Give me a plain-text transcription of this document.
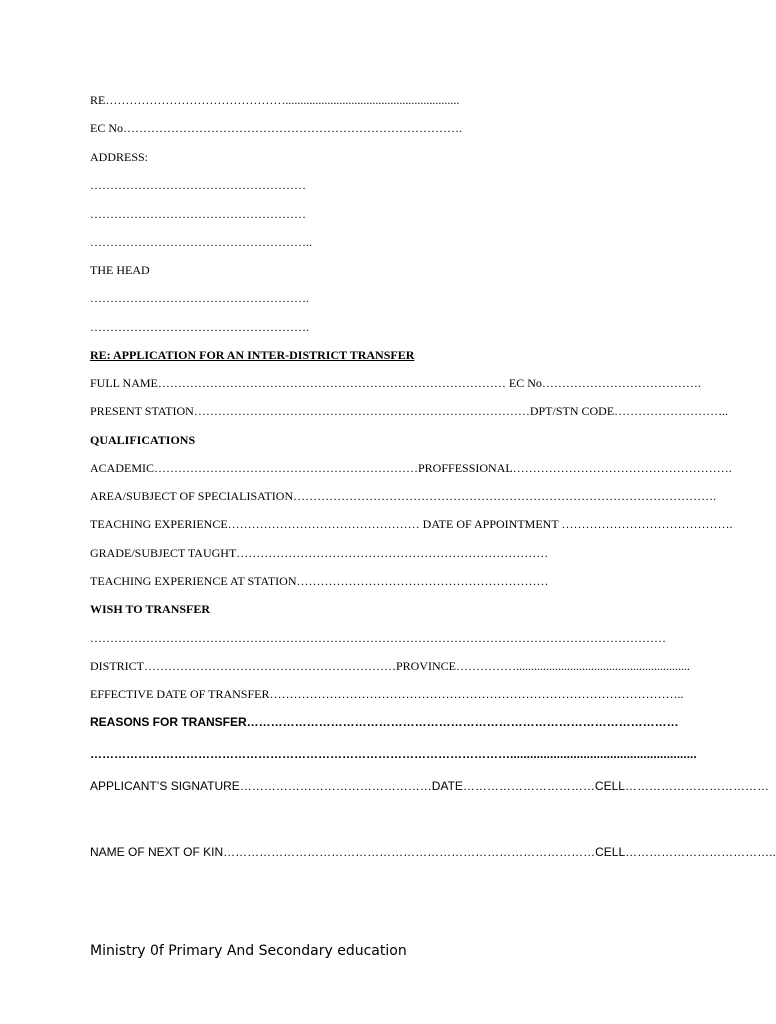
RE………………………………………..........................................................
EC No………………………………………………………………………….
ADDRESS:
………………………………………………
………………………………………………
………………………………………………..
THE HEAD
……………………………………………….
……………………………………………….
RE: APPLICATION FOR AN INTER-DISTRICT TRANSFER
FULL NAME…………………………………………………………………………… EC No………………………………….
PRESENT STATION…………………………………………………………………………DPT/STN CODE………………………..
QUALIFICATIONS
ACADEMIC…………………………………………………………PROFFESSIONAL……………………………………………….
AREA/SUBJECT OF SPECIALISATION…………………………………………………………………………………………….
TEACHING EXPERIENCE………………………………………… DATE OF APPOINTMENT …………………………………….
GRADE/SUBJECT TAUGHT……………………………………………………………………
TEACHING EXPERIENCE AT STATION………………………………………………………
WISH TO TRANSFER
………………………………………………………………………………………………………………………………
DISTRICT………………………………………………………PROVINCE……………..........................................................
EFFECTIVE DATE OF TRANSFER…………………………………………………………………………………………..
REASONS FOR TRANSFER………………………………………………………………………………………………
……………………………………………………………………………………………........................................................
APPLICANT’S SIGNATURE…………………………………………DATE……………………………CELL………………………………
NAME OF NEXT OF KIN…………………………………………………………………………………CELL………………………………..
Ministry 0f Primary And Secondary education
